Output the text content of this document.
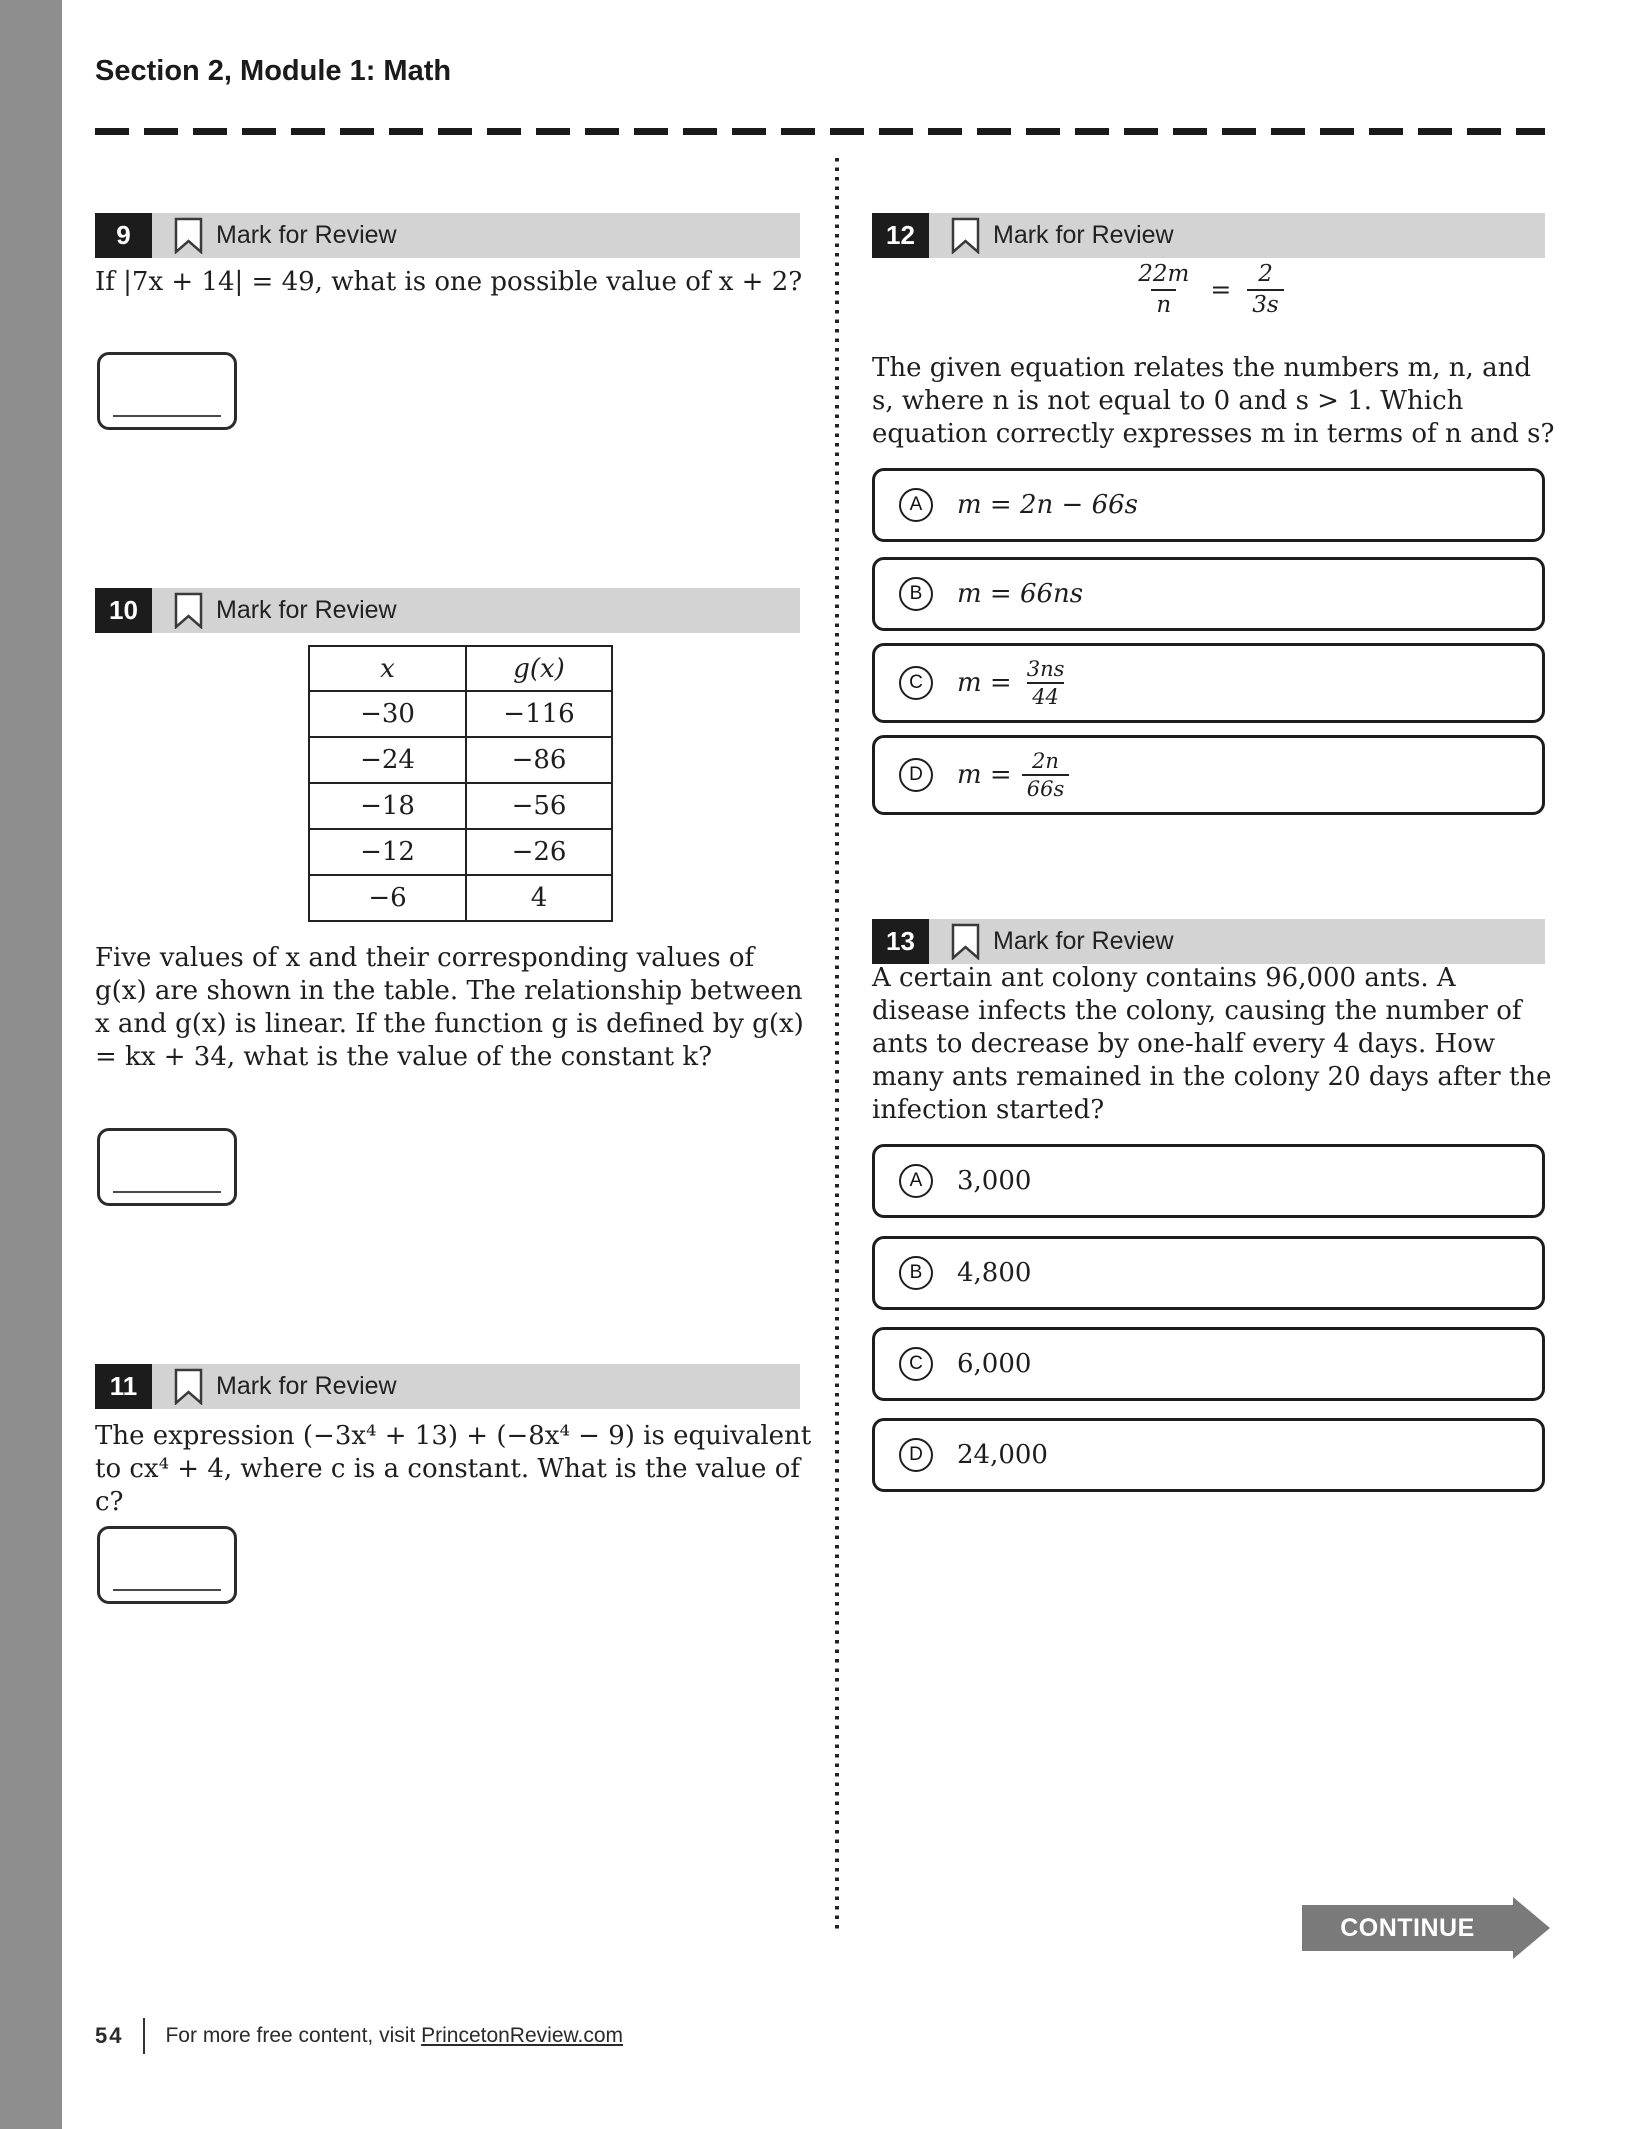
Section 2, Module 1: Math
9	Mark for Review
If |7x + 14| = 49, what is one possible value of x + 2?
10	Mark for Review
x	g(x)
−30	−116
−24	−86
−18	−56
−12	−26
−6	4
Five values of x and their corresponding values of g(x) are shown in the table. The relationship between x and g(x) is linear. If the function g is defined by g(x) = kx + 34, what is the value of the constant k?
11	Mark for Review
The expression (−3x⁴ + 13) + (−8x⁴ − 9) is equivalent to cx⁴ + 4, where c is a constant. What is the value of c?
12	Mark for Review
$\frac{22m}{n} = \frac{2}{3s}$
The given equation relates the numbers m, n, and s, where n is not equal to 0 and s > 1. Which equation correctly expresses m in terms of n and s?
A	m = 2n − 66s
B	m = 66ns
C	$m = \frac{3ns}{44}$
D	$m = \frac{2n}{66s}$
13	Mark for Review
A certain ant colony contains 96,000 ants. A disease infects the colony, causing the number of ants to decrease by one-half every 4 days. How many ants remained in the colony 20 days after the infection started?
A	3,000
B	4,800
C	6,000
D	24,000
CONTINUE
54 For more free content, visit PrincetonReview.com
